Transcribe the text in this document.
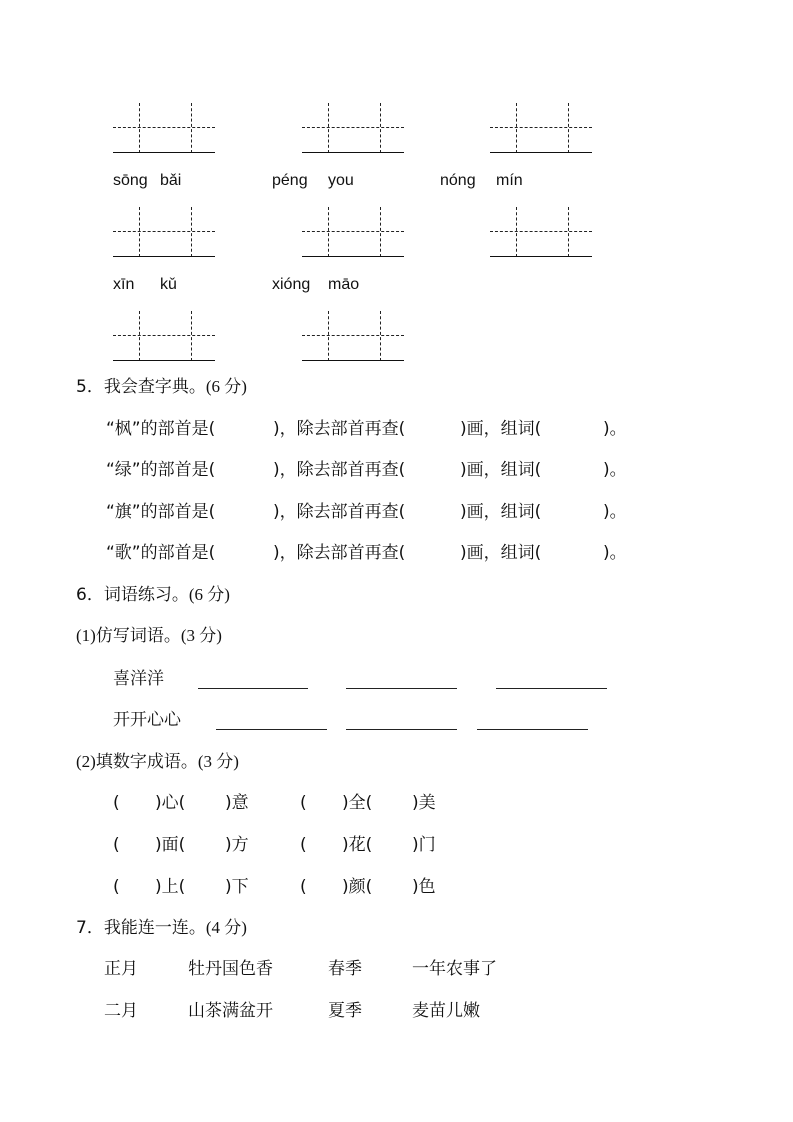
sōng bǎi	péng you	nóng mín
xīn kǔ	xióng māo
5．我会查字典。(6 分)
“枫”的部首是(	)，除去部首再查(	)画，组词(	)。
“绿”的部首是(	)，除去部首再查(	)画，组词(	)。
“旗”的部首是(	)，除去部首再查(	)画，组词(	)。
“歌”的部首是(	)，除去部首再查(	)画，组词(	)。
6．词语练习。(6 分)
(1)仿写词语。(3 分)
喜洋洋
开开心心
(2)填数字成语。(3 分)
( )心( )意	( )全( )美
( )面( )方	( )花( )门
( )上( )下	( )颜( )色
7．我能连一连。(4 分)
正月	牡丹国色香	春季	一年农事了
二月	山茶满盆开	夏季	麦苗儿嫩
